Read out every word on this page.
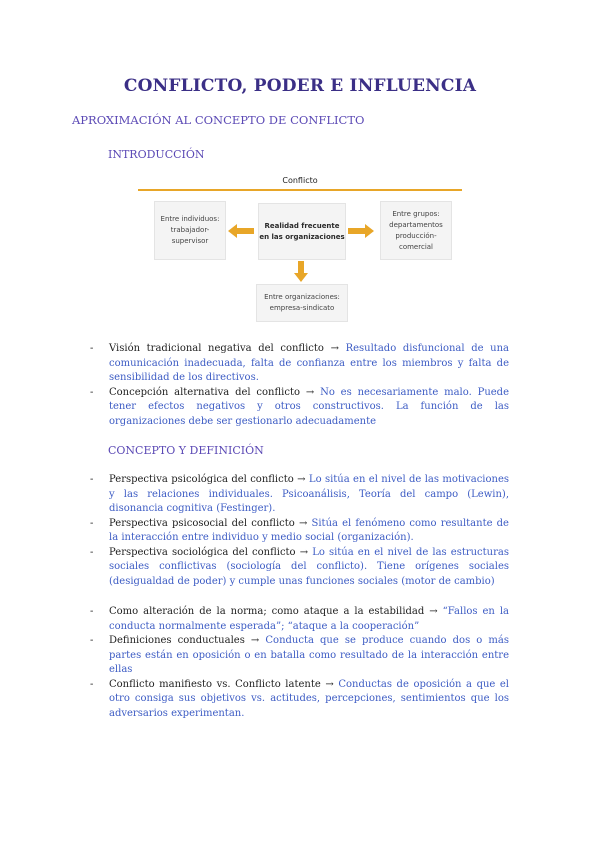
CONFLICTO, PODER E INFLUENCIA
APROXIMACIÓN AL CONCEPTO DE CONFLICTO
INTRODUCCIÓN
Conflicto
Entre individuos: trabajador-supervisor
Realidad frecuente en las organizaciones
Entre grupos: departamentos producción-comercial
Entre organizaciones: empresa-sindicato
- Visión tradicional negativa del conflicto → Resultado disfuncional de una comunicación inadecuada, falta de confianza entre los miembros y falta de sensibilidad de los directivos.
- Concepción alternativa del conflicto → No es necesariamente malo. Puede tener efectos negativos y otros constructivos. La función de las organizaciones debe ser gestionarlo adecuadamente
CONCEPTO Y DEFINICIÓN
- Perspectiva psicológica del conflicto → Lo sitúa en el nivel de las motivaciones y las relaciones individuales. Psicoanálisis, Teoría del campo (Lewin), disonancia cognitiva (Festinger).
- Perspectiva psicosocial del conflicto → Sitúa el fenómeno como resultante de la interacción entre individuo y medio social (organización).
- Perspectiva sociológica del conflicto → Lo sitúa en el nivel de las estructuras sociales conflictivas (sociología del conflicto). Tiene orígenes sociales (desigualdad de poder) y cumple unas funciones sociales (motor de cambio)
- Como alteración de la norma; como ataque a la estabilidad → “Fallos en la conducta normalmente esperada”; “ataque a la cooperación”
- Definiciones conductuales → Conducta que se produce cuando dos o más partes están en oposición o en batalla como resultado de la interacción entre ellas
- Conflicto manifiesto vs. Conflicto latente → Conductas de oposición a que el otro consiga sus objetivos vs. actitudes, percepciones, sentimientos que los adversarios experimentan.
